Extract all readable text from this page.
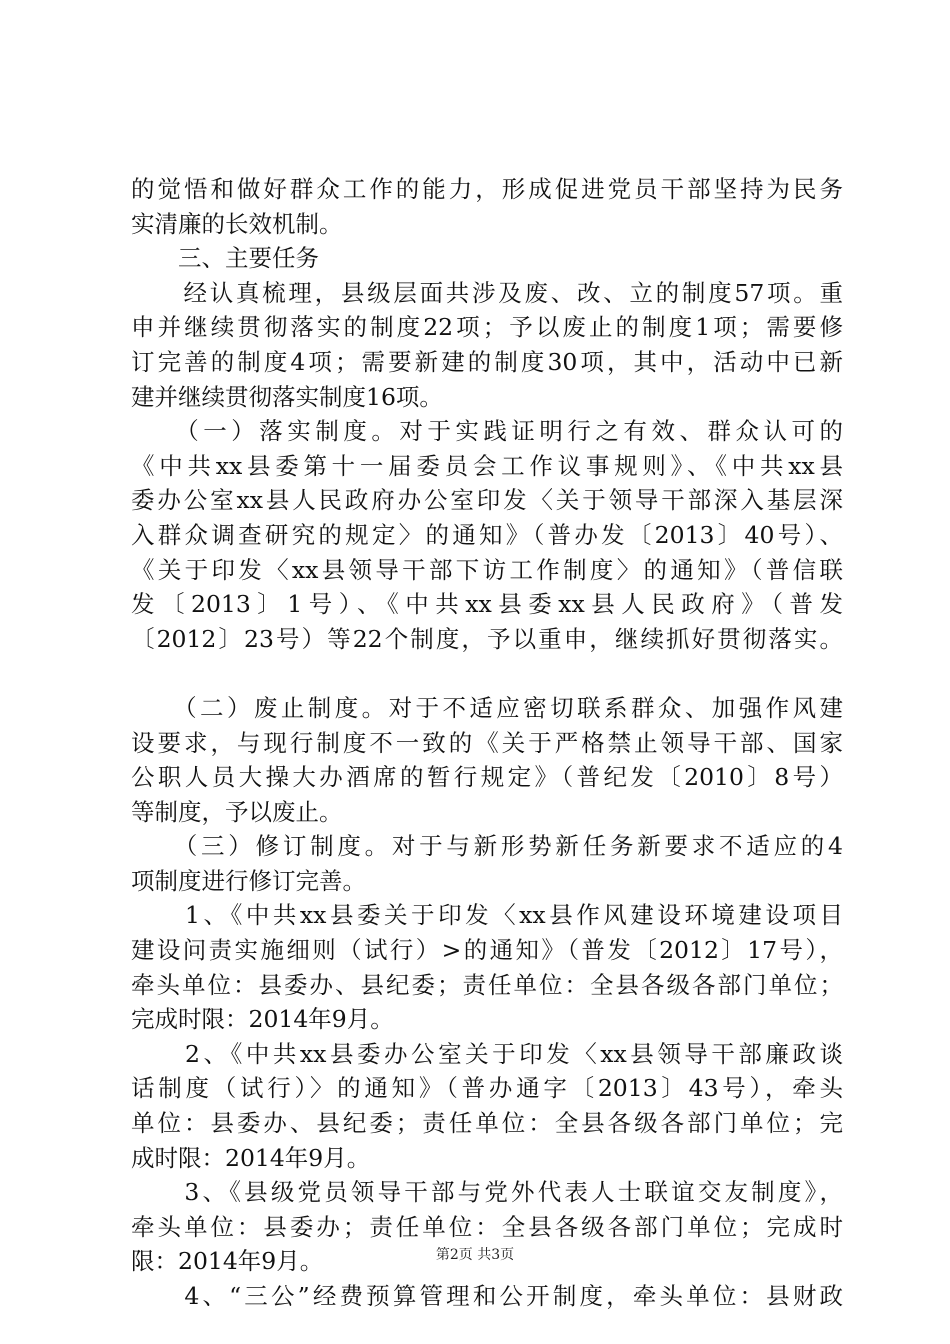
的觉悟和做好群众工作的能力，形成促进党员干部坚持为民务
实清廉的长效机制。
　　三、主要任务
　　经认真梳理，县级层面共涉及废、改、立的制度57项。重
申并继续贯彻落实的制度22项；予以废止的制度1项；需要修
订完善的制度4项；需要新建的制度30项，其中，活动中已新
建并继续贯彻落实制度16项。
　　（一）落实制度。对于实践证明行之有效、群众认可的
《中共xx县委第十一届委员会工作议事规则》、《中共xx县
委办公室xx县人民政府办公室印发〈关于领导干部深入基层深
入群众调查研究的规定〉的通知》（普办发〔2013〕40号）、
《关于印发〈xx县领导干部下访工作制度〉的通知》（普信联
发〔2013〕1号）、《中共xx县委xx县人民政府》（普发
〔2012〕23号）等22个制度，予以重申，继续抓好贯彻落实。
　　（二）废止制度。对于不适应密切联系群众、加强作风建
设要求，与现行制度不一致的《关于严格禁止领导干部、国家
公职人员大操大办酒席的暂行规定》（普纪发〔2010〕8号）
等制度，予以废止。
　　（三）修订制度。对于与新形势新任务新要求不适应的4
项制度进行修订完善。
　　1、《中共xx县委关于印发〈xx县作风建设环境建设项目
建设问责实施细则（试行）>的通知》（普发〔2012〕17号），
牵头单位：县委办、县纪委；责任单位：全县各级各部门单位；
完成时限：2014年9月。
　　2、《中共xx县委办公室关于印发〈xx县领导干部廉政谈
话制度（试行）〉的通知》（普办通字〔2013〕43号），牵头
单位：县委办、县纪委；责任单位：全县各级各部门单位；完
成时限：2014年9月。
　　3、《县级党员领导干部与党外代表人士联谊交友制度》，
牵头单位：县委办；责任单位：全县各级各部门单位；完成时
限：2014年9月。
　　4、“三公”经费预算管理和公开制度，牵头单位：县财政
第2页 共3页
